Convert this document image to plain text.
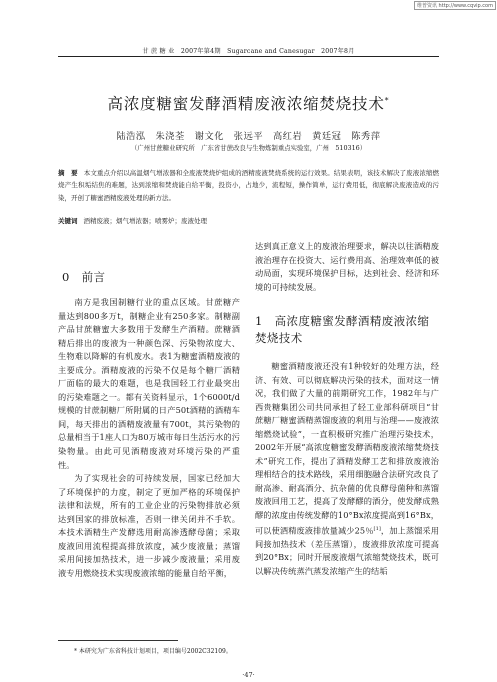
维普资讯 http://www.cqvip.com
甘 蔗 糖 业　2007年第4期　Sugarcane and Canesugar　2007年8月
高浓度糖蜜发酵酒精废液浓缩焚烧技术*
陆浩泓　朱浇荃　谢文化　张远平　高红岩　黄廷冠　陈秀萍
（广州甘蔗糖业研究所　广东省甘蔗改良与生物炼制重点实验室，广州　510316）

摘　要 本文重点介绍以高温烟气增浓器和全废液焚烧炉组成的酒精废液焚烧系统的运行效果。结果表明，该技术解决了废液浓缩燃烧产生积垢结焦的难题，达到浓缩和焚烧能自给平衡，投资小，占地少，流程短，操作简单，运行费用低，彻底解决废液造成的污染，开创了糖蜜酒精废液处理的新方法。

关键词 酒精废液；烟气增浓器；喷雾炉；废液处理

0　前言

南方是我国制糖行业的重点区域。甘蔗糖产量达到800多万t，制糖企业有250多家。制糖副产品甘蔗糖蜜大多数用于发酵生产酒精。蔗糖酒精后排出的废液为一种颜色深、污染物浓度大、生物难以降解的有机废水。表1为糖蜜酒精废液的主要成分。酒精废液的污染不仅是每个糖厂酒精厂面临的最大的难题，也是我国轻工行业最突出的污染难题之一。都有关资料显示，1个6000t/d规模的甘蔗制糖厂所附属的日产50t酒精的酒精车间，每天排出的酒精废液量有700t，其污染物的总量相当于1座人口为80万城市每日生活污水的污染物量。由此可见酒精废液对环境污染的严重性。

为了实现社会的可持续发展，国家已经加大了环境保护的力度，制定了更加严格的环境保护法律和法规，所有的工业企业的污染物排放必须达到国家的排放标准，否则一律关闭并不手软。本技术酒精生产发酵选用耐高渗透酵母菌；采取废液回用流程提高排放浓度，减少废液量；蒸馏采用间接加热技术，进一步减少废液量；采用废液专用燃烧技术实现废液浓缩的能量自给平衡，

达到真正意义上的废液治理要求，解决以往酒精废液治理存在投资大、运行费用高、治理效率低的被动局面，实现环境保护目标，达到社会、经济和环境的可持续发展。

1　高浓度糖蜜发酵酒精废液浓缩焚烧技术

糖蜜酒精废液还没有1种较好的处理方法，经济、有效、可以彻底解决污染的技术，面对这一情况，我们做了大量的前期研究工作，1982年与广西贵糖集团公司共同承担了轻工业部科研项目“甘蔗糖厂糖蜜酒精蒸馏废液的利用与治理——废液浓缩燃烧试验”，一直积极研究推广治理污染技术，2002年开展“高浓度糖蜜发酵酒精废液浓缩焚烧技术”研究工作，提出了酒精发酵工艺和排放废液治理相结合的技术路线，采用细胞融合法研究改良了耐高渗、耐高酒分、抗杂菌的优良酵母菌种和蒸馏废液回用工艺，提高了发酵醪的酒分，使发酵成熟醪的浓度由传统发酵的10°Bx浓度提高到16°Bx，可以使酒精废液排放量减少25％[1]，加上蒸馏采用间接加热技术（差压蒸馏），废液排放浓度可提高到20°Bx；同时开展废液烟气浓缩焚烧技术，既可以解决传统蒸汽蒸发浓缩产生的结垢

* 本研究为广东省科技计划项目，项目编号2002C32109。
·47·
